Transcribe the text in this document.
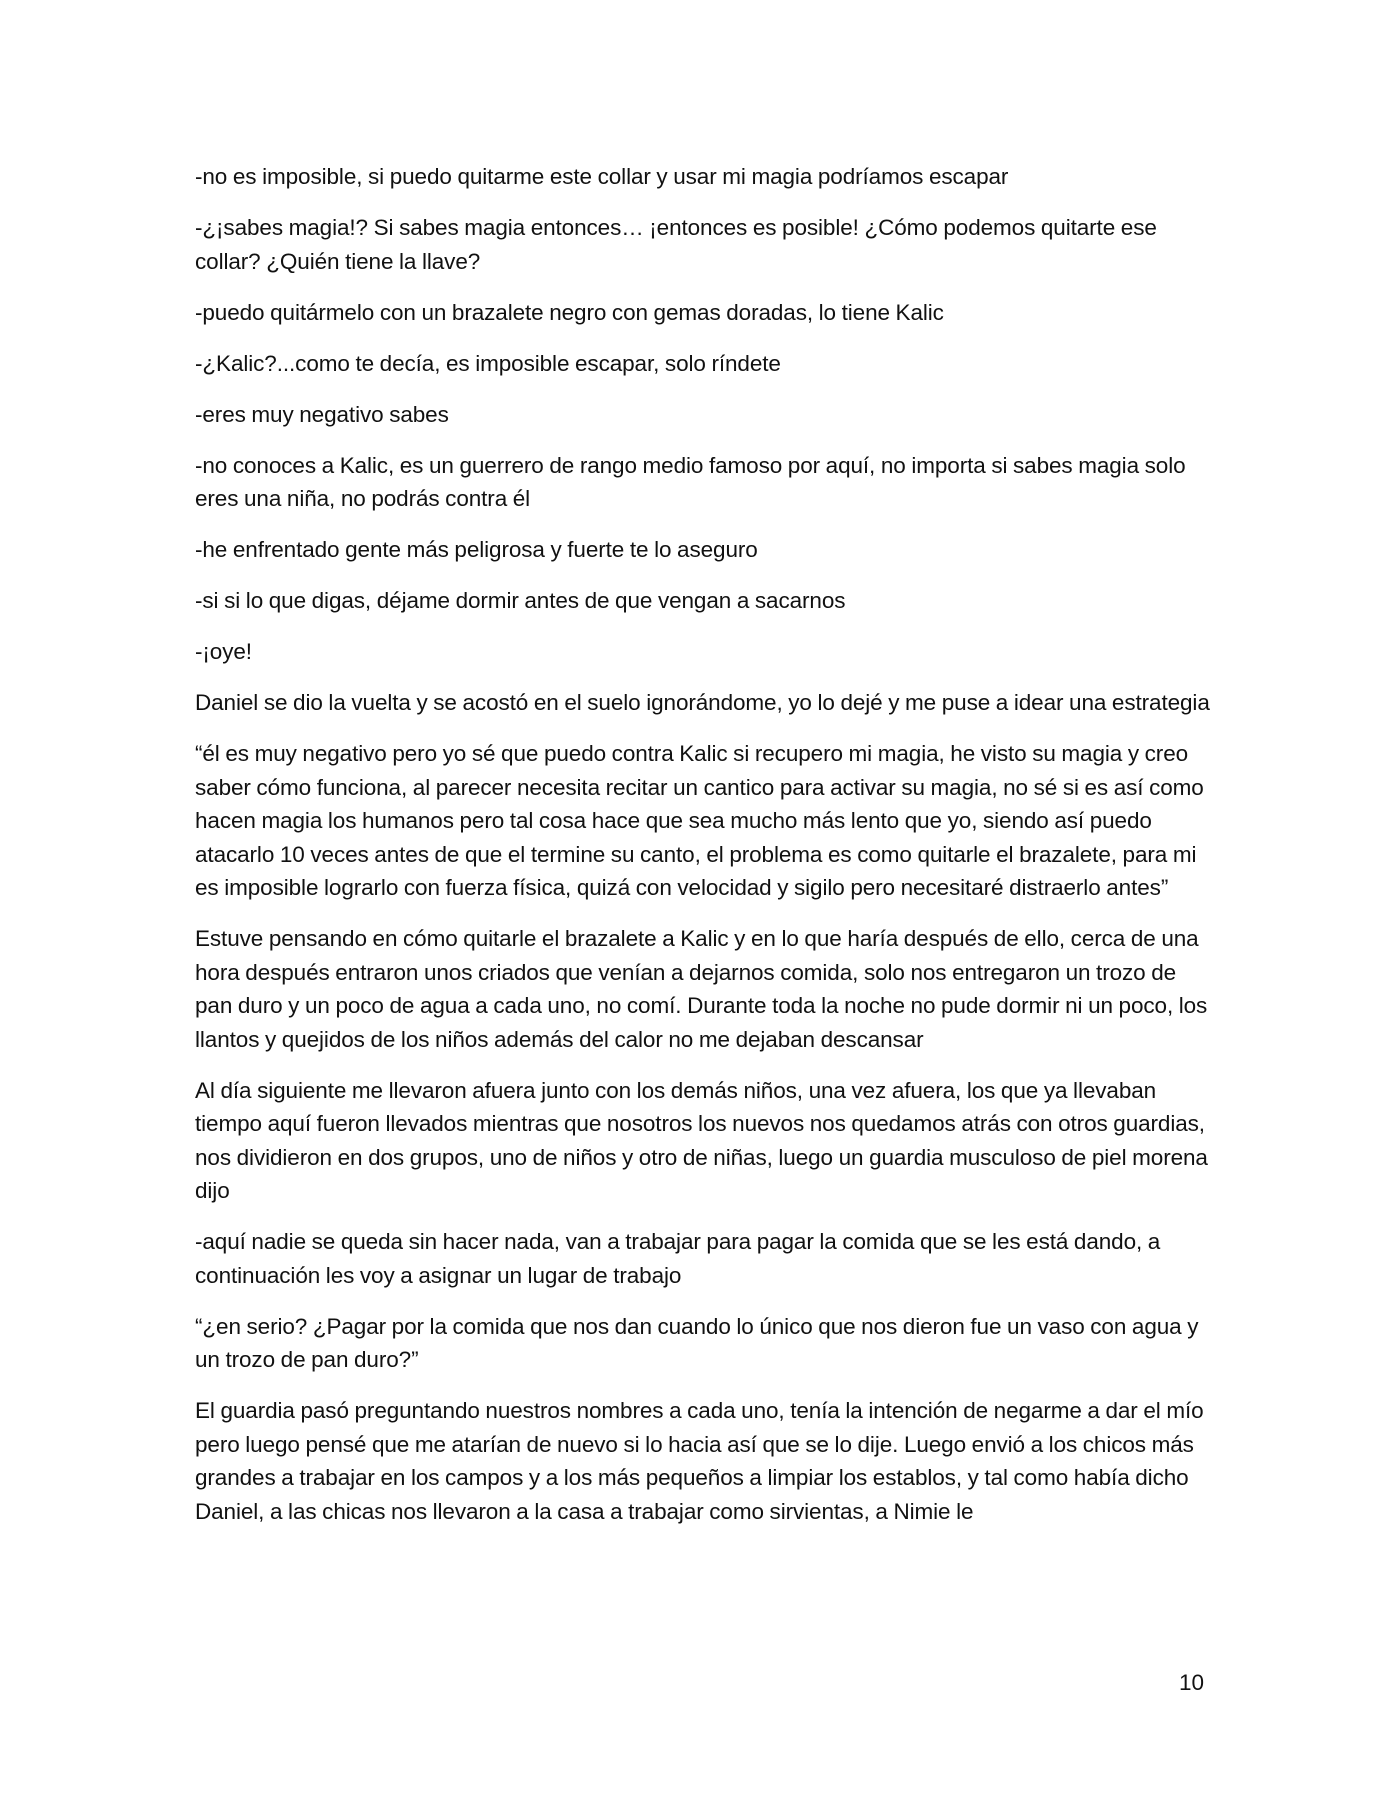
-no es imposible, si puedo quitarme este collar y usar mi magia podríamos escapar

-¿¡sabes magia!? Si sabes magia entonces… ¡entonces es posible! ¿Cómo podemos quitarte ese collar? ¿Quién tiene la llave?

-puedo quitármelo con un brazalete negro con gemas doradas, lo tiene Kalic

-¿Kalic?...como te decía, es imposible escapar, solo ríndete

-eres muy negativo sabes

-no conoces a Kalic, es un guerrero de rango medio famoso por aquí, no importa si sabes magia solo eres una niña, no podrás contra él

-he enfrentado gente más peligrosa y fuerte te lo aseguro

-si si lo que digas, déjame dormir antes de que vengan a sacarnos

-¡oye!

Daniel se dio la vuelta y se acostó en el suelo ignorándome, yo lo dejé y me puse a idear una estrategia

“él es muy negativo pero yo sé que puedo contra Kalic si recupero mi magia, he visto su magia y creo saber cómo funciona, al parecer necesita recitar un cantico para activar su magia, no sé si es así como hacen magia los humanos pero tal cosa hace que sea mucho más lento que yo, siendo así puedo atacarlo 10 veces antes de que el termine su canto, el problema es como quitarle el brazalete, para mi es imposible lograrlo con fuerza física, quizá con velocidad y sigilo pero necesitaré distraerlo antes”

Estuve pensando en cómo quitarle el brazalete a Kalic y en lo que haría después de ello, cerca de una hora después entraron unos criados que venían a dejarnos comida, solo nos entregaron un trozo de pan duro y un poco de agua a cada uno, no comí. Durante toda la noche no pude dormir ni un poco, los llantos y quejidos de los niños además del calor no me dejaban descansar

Al día siguiente me llevaron afuera junto con los demás niños, una vez afuera, los que ya llevaban tiempo aquí fueron llevados mientras que nosotros los nuevos nos quedamos atrás con otros guardias, nos dividieron en dos grupos, uno de niños y otro de niñas, luego un guardia musculoso de piel morena dijo

-aquí nadie se queda sin hacer nada, van a trabajar para pagar la comida que se les está dando, a continuación les voy a asignar un lugar de trabajo

“¿en serio? ¿Pagar por la comida que nos dan cuando lo único que nos dieron fue un vaso con agua y un trozo de pan duro?”

El guardia pasó preguntando nuestros nombres a cada uno, tenía la intención de negarme a dar el mío pero luego pensé que me atarían de nuevo si lo hacia así que se lo dije. Luego envió a los chicos más grandes a trabajar en los campos y a los más pequeños a limpiar los establos, y tal como había dicho Daniel, a las chicas nos llevaron a la casa a trabajar como sirvientas, a Nimie le

10
